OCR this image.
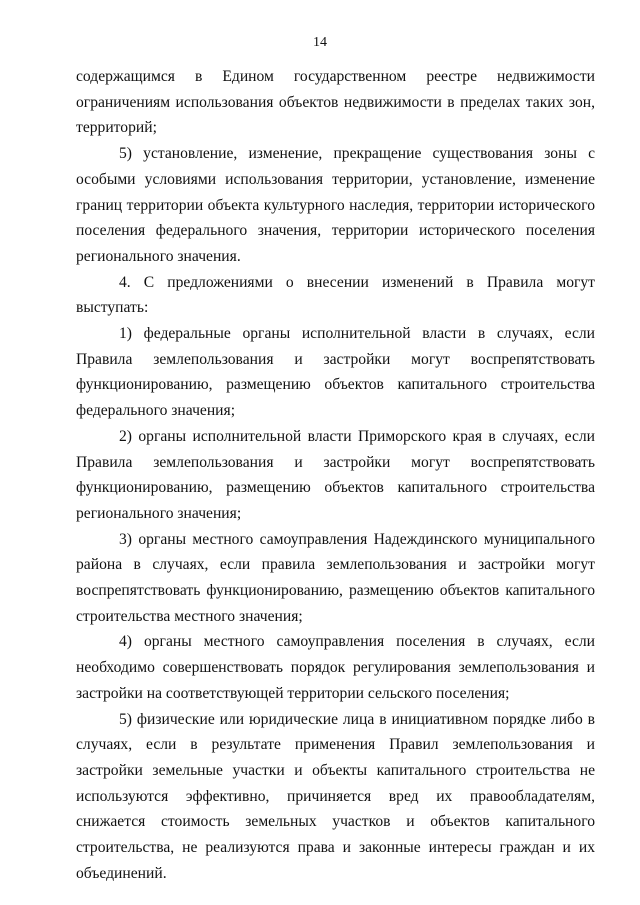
14

содержащимся в Едином государственном реестре недвижимости ограничениям использования объектов недвижимости в пределах таких зон, территорий;

5) установление, изменение, прекращение существования зоны с особыми условиями использования территории, установление, изменение границ территории объекта культурного наследия, территории исторического поселения федерального значения, территории исторического поселения регионального значения.

4. С предложениями о внесении изменений в Правила могут выступать:

1) федеральные органы исполнительной власти в случаях, если Правила землепользования и застройки могут воспрепятствовать функционированию, размещению объектов капитального строительства федерального значения;

2) органы исполнительной власти Приморского края в случаях, если Правила землепользования и застройки могут воспрепятствовать функционированию, размещению объектов капитального строительства регионального значения;

3) органы местного самоуправления Надеждинского муниципального района в случаях, если правила землепользования и застройки могут воспрепятствовать функционированию, размещению объектов капитального строительства местного значения;

4) органы местного самоуправления поселения в случаях, если необходимо совершенствовать порядок регулирования землепользования и застройки на соответствующей территории сельского поселения;

5) физические или юридические лица в инициативном порядке либо в случаях, если в результате применения Правил землепользования и застройки земельные участки и объекты капитального строительства не используются эффективно, причиняется вред их правообладателям, снижается стоимость земельных участков и объектов капитального строительства, не реализуются права и законные интересы граждан и их объединений.
